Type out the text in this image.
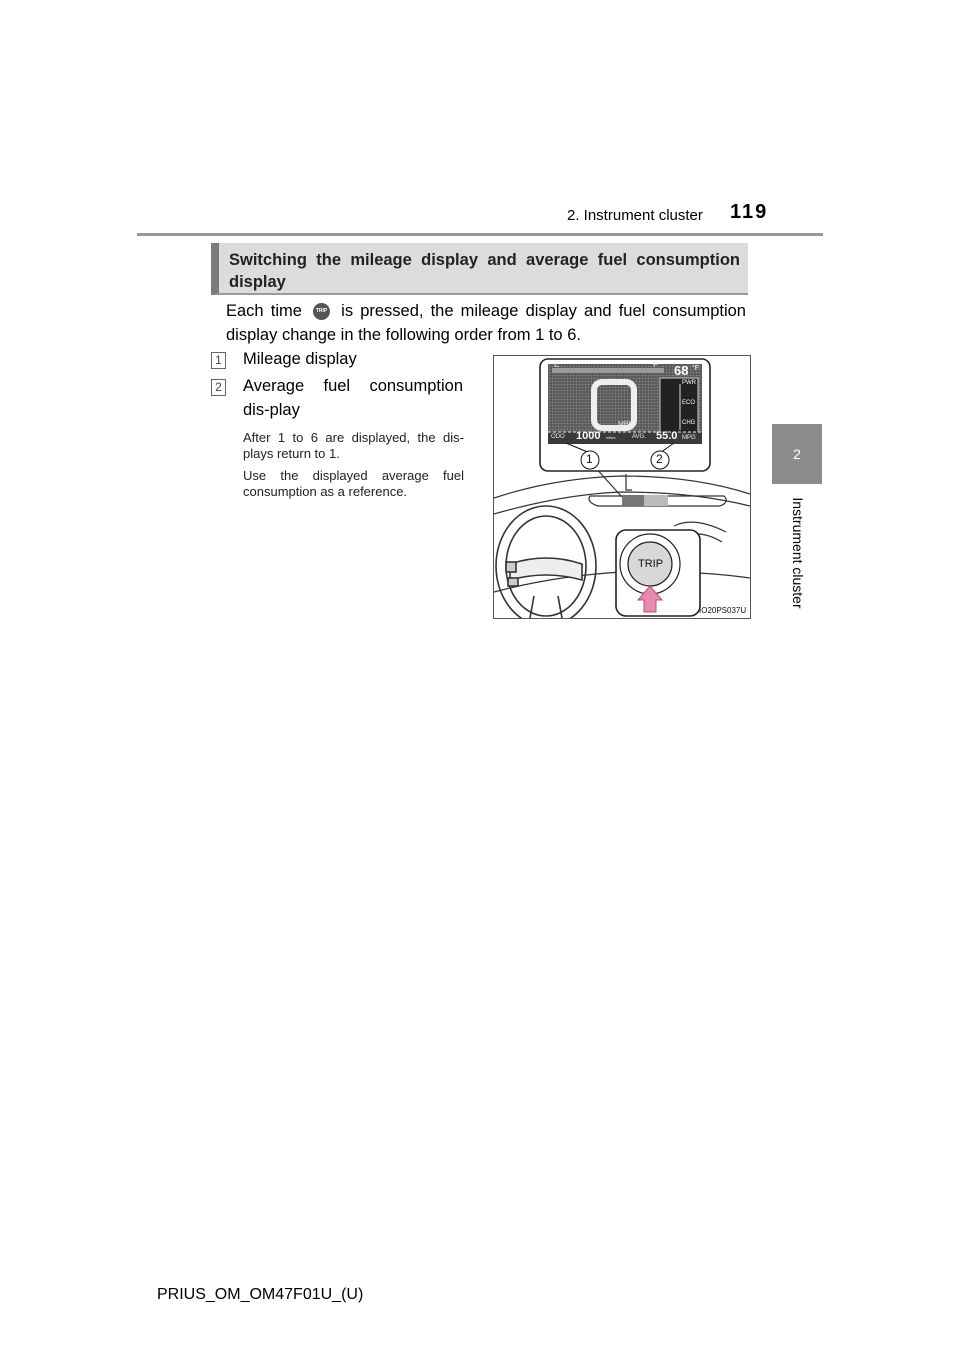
2. Instrument cluster 119
2
Instrument cluster
Switching the mileage display and average fuel consumption display
Each time	TRIP is pressed, the mileage display and fuel consumption display change in the following order from 1 to 6.
1 Mileage display
2 Average fuel consumption dis-play
After 1 to 6 are displayed, the dis-plays return to 1.
Use the displayed average fuel consumption as a reference.
E	F 68 °F
PWR
ECO
CHG
MPH
ODO 1000 miles	AVG. 55.0 MPG
1	2
TRIP
IO20PS037U
PRIUS_OM_OM47F01U_(U)
